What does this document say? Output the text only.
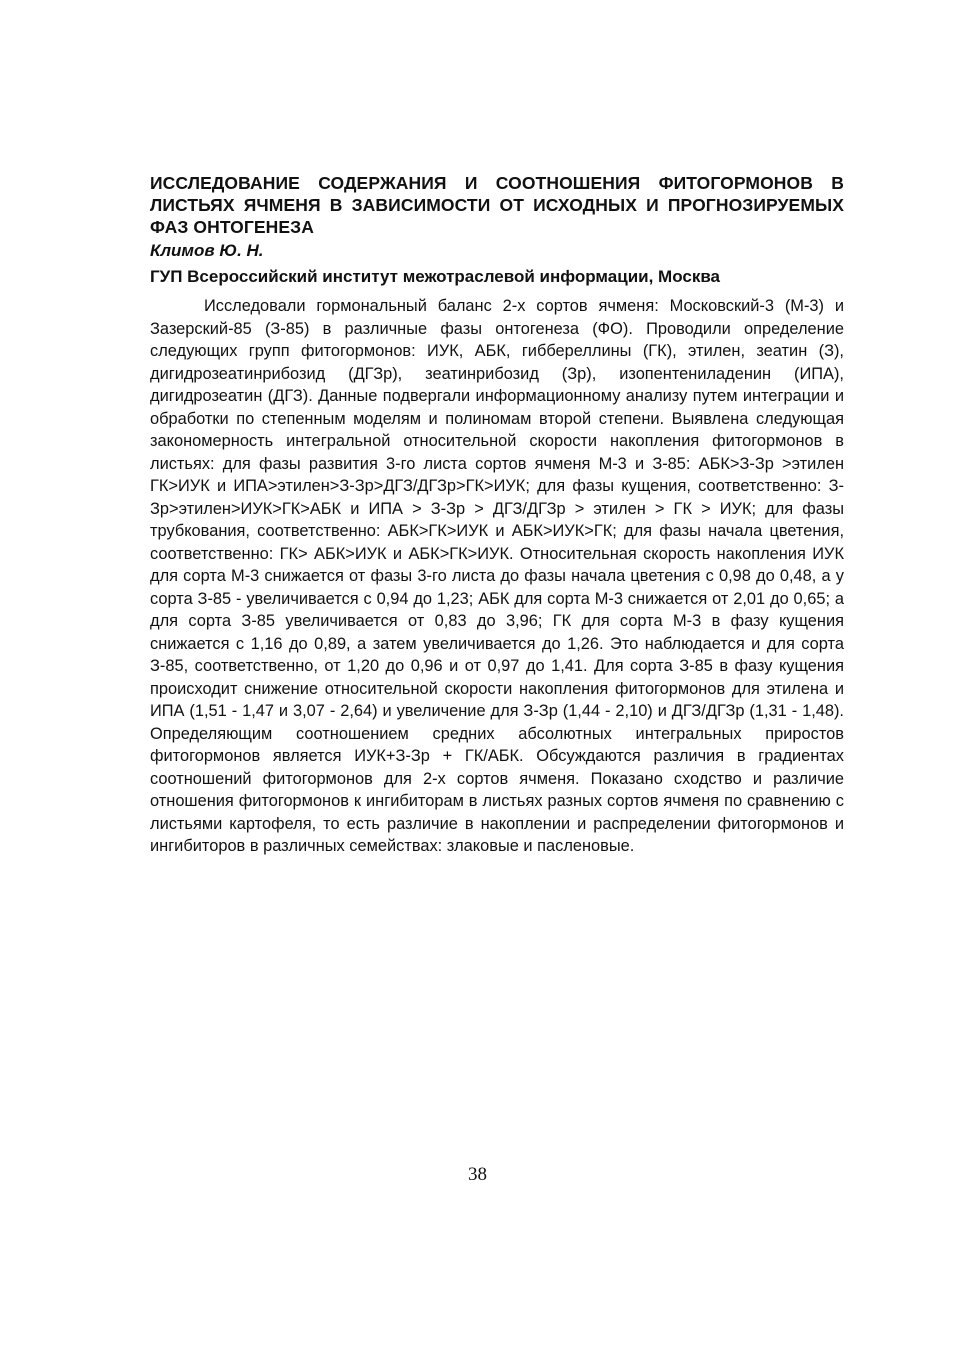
ИССЛЕДОВАНИЕ СОДЕРЖАНИЯ И СООТНОШЕНИЯ ФИТОГОРМОНОВ В ЛИСТЬЯХ ЯЧМЕНЯ В ЗАВИСИМОСТИ ОТ ИСХОДНЫХ И ПРОГНОЗИРУЕМЫХ ФАЗ ОНТОГЕНЕЗА

Климов Ю. Н.

ГУП Всероссийский институт межотраслевой информации, Москва

Исследовали гормональный баланс 2-х сортов ячменя: Московский-3 (М-3) и Зазерский-85 (З-85) в различные фазы онтогенеза (ФО). Проводили определение следующих групп фитогормонов: ИУК, АБК, гиббереллины (ГК), этилен, зеатин (З), дигидрозеатинрибозид (ДГЗр), зеатинрибозид (Зр), изопентениладенин (ИПА), дигидрозеатин (ДГЗ). Данные подвергали информационному анализу путем интеграции и обработки по степенным моделям и полиномам второй степени. Выявлена следующая закономерность интегральной относительной скорости накопления фитогормонов в листьях: для фазы развития 3-го листа сортов ячменя М-3 и З-85: АБК>З-Зр >этилен ГК>ИУК и ИПА>этилен>З-Зр>ДГЗ/ДГЗр>ГК>ИУК; для фазы кущения, соответственно: З-Зр>этилен>ИУК>ГК>АБК и ИПА > З-Зр > ДГЗ/ДГЗр > этилен > ГК > ИУК; для фазы трубкования, соответственно: АБК>ГК>ИУК и АБК>ИУК>ГК; для фазы начала цветения, соответственно: ГК> АБК>ИУК и АБК>ГК>ИУК. Относительная скорость накопления ИУК для сорта М-3 снижается от фазы 3-го листа до фазы начала цветения с 0,98 до 0,48, а у сорта З-85 - увеличивается с 0,94 до 1,23; АБК для сорта М-3 снижается от 2,01 до 0,65; а для сорта З-85 увеличивается от 0,83 до 3,96; ГК для сорта М-3 в фазу кущения снижается с 1,16 до 0,89, а затем увеличивается до 1,26. Это наблюдается и для сорта З-85, соответственно, от 1,20 до 0,96 и от 0,97 до 1,41. Для сорта З-85 в фазу кущения происходит снижение относительной скорости накопления фитогормонов для этилена и ИПА (1,51 - 1,47 и 3,07 - 2,64) и увеличение для З-Зр (1,44 - 2,10) и ДГЗ/ДГЗр (1,31 - 1,48). Определяющим соотношением средних абсолютных интегральных приростов фитогормонов является ИУК+З-Зр + ГК/АБК. Обсуждаются различия в градиентах соотношений фитогормонов для 2-х сортов ячменя. Показано сходство и различие отношения фитогормонов к ингибиторам в листьях разных сортов ячменя по сравнению с листьями картофеля, то есть различие в накоплении и распределении фитогормонов и ингибиторов в различных семействах: злаковые и пасленовые.

38
